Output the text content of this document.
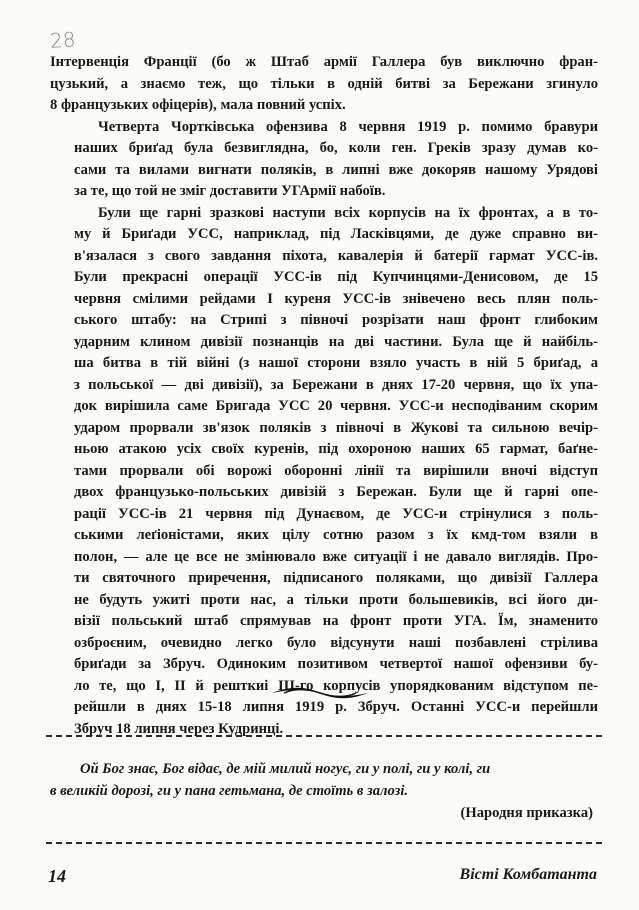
28

Інтервенція Франції (бо ж Штаб армії Галлера був виключно фран-
цузький, а знаємо теж, що тільки в одній битві за Бережани згинуло
8 французьких офіцерів), мала повний успіх.

Четверта Чортківська офензива 8 червня 1919 р. помимо бравури
наших бриґад була безвиглядна, бо, коли ген. Греків зразу думав ко-
сами та вилами вигнати поляків, в липні вже докоряв нашому Урядові
за те, що той не зміг доставити УГАрмії набоїв.

Були ще гарні зразкові наступи всіх корпусів на їх фронтах, а в то-
му й Бриґади УСС, наприклад, під Ласківцями, де дуже справно ви-
в'язалася з свого завдання піхота, кавалерія й батерії гармат УСС-ів.
Були прекрасні операції УСС-ів під Купчинцями-Денисовом, де 15
червня смілими рейдами I куреня УСС-ів знівечено весь плян поль-
ського штабу: на Стрипі з півночі розрізати наш фронт глибоким
ударним клином дивізії познанців на дві частини. Була ще й найбіль-
ша битва в тій війні (з нашої сторони взяло участь в ній 5 бриґад, а
з польської — дві дивізії), за Бережани в днях 17-20 червня, що їх упа-
док вирішила саме Бригада УСС 20 червня. УСС-и несподіваним скорим
ударом прорвали зв'язок поляків з півночі в Жукові та сильною вечір-
ньою атакою усіх своїх куренів, під охороною наших 65 гармат, баґне-
тами прорвали обі ворожі оборонні лінії та вирішили вночі відступ
двох французько-польських дивізій з Бережан. Були ще й гарні опе-
рації УСС-ів 21 червня під Дунаєвом, де УСС-и стрінулися з поль-
ськими леґіоністами, яких цілу сотню разом з їх кмд-том взяли в
полон, — але це все не змінювало вже ситуації і не давало виглядів. Про-
ти святочного приречення, підписаного поляками, що дивізії Галлера
не будуть ужиті проти нас, а тільки проти большевиків, всі його ди-
візії польський штаб спрямував на фронт проти УГА. Їм, знаменито
озброєним, очевидно легко було відсунути наші позбавлені стрілива
бриґади за Збруч. Одиноким позитивом четвертої нашої офензиви бу-
ло те, що I, II й решткиі III-го корпусів упорядкованим відступом пе-
рейшли в днях 15-18 липня 1919 р. Збруч. Останні УСС-и перейшли
Збруч 18 липня через Кудринці.

Ой Бог знає, Бог відає, де мій милий ногує, ги у полі, ги у колі, ги
в великій дорозі, ги у пана гетьмана, де стоїть в залозі.
(Народня приказка)
14	Вісті Комбатанта
